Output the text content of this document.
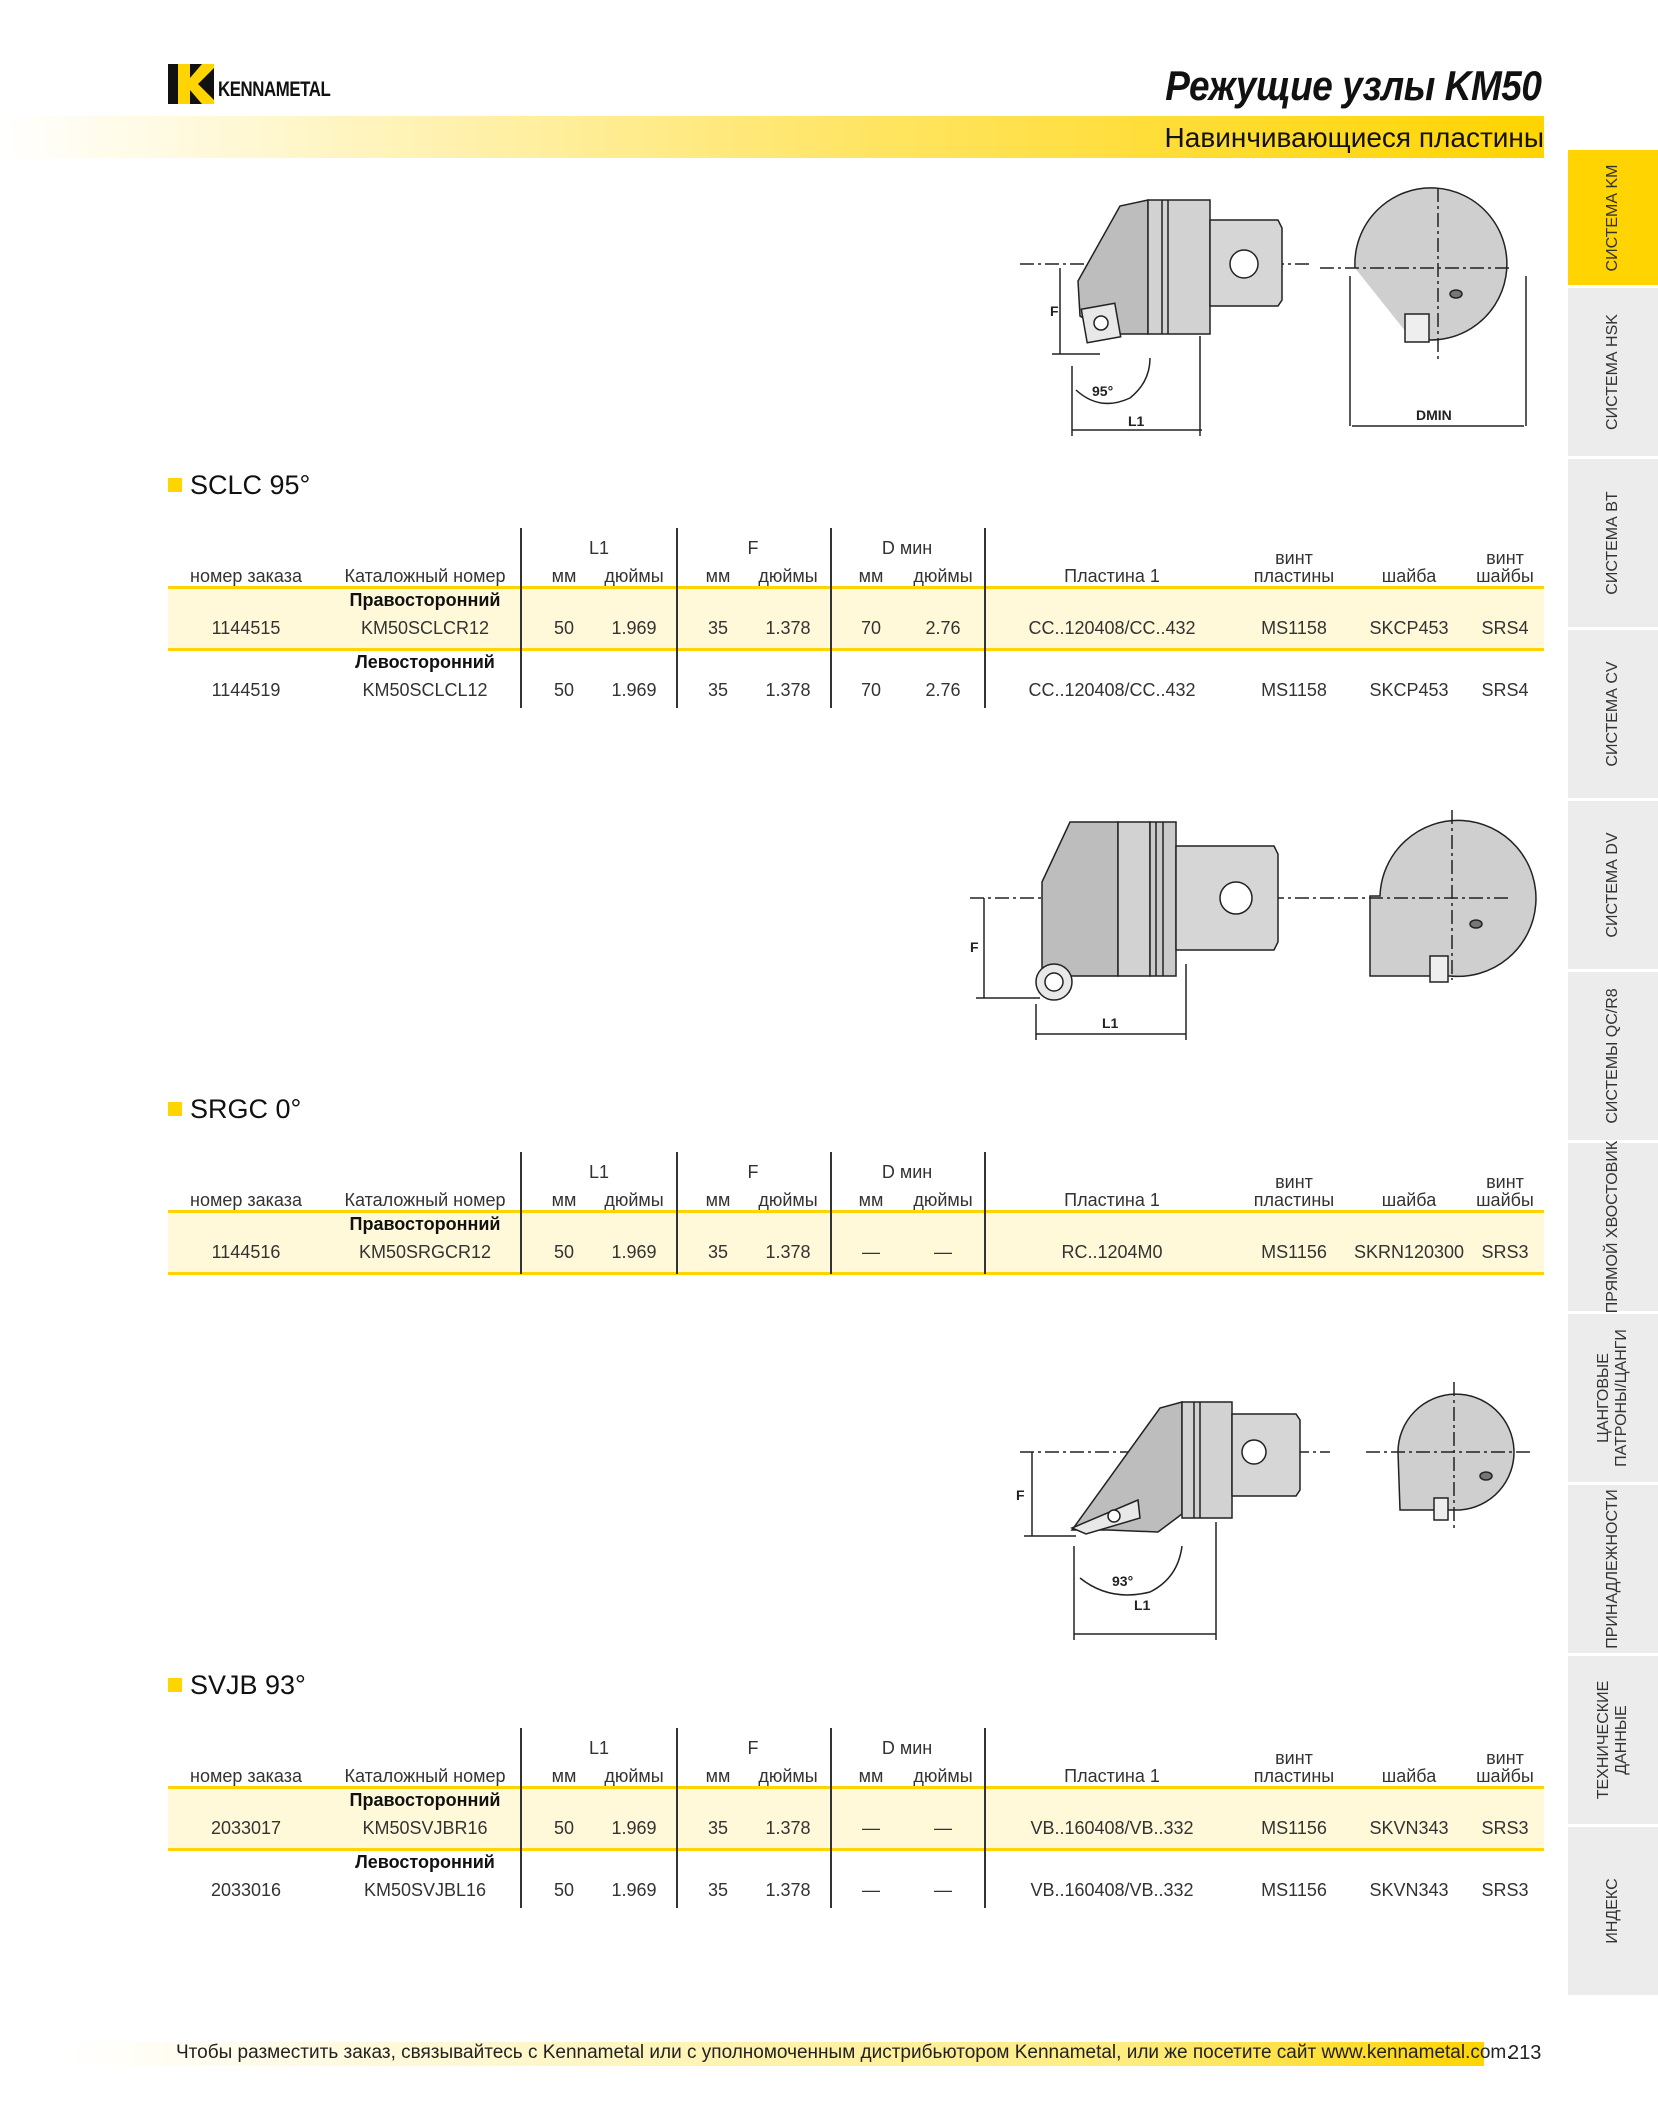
KENNAMETAL	Режущие узлы KM50
Навинчивающиеся пластины
СИСТЕМА KM
СИСТЕМА HSK
СИСТЕМА BT
СИСТЕМА CV
СИСТЕМА DV
СИСТЕМЫ QC/R8
ПРЯМОЙ ХВОСТОВИК
ЦАНГОВЫЕ
ПАТРОНЫ/ЦАНГИ
ПРИНАДЛЕЖНОСТИ
ТЕХНИЧЕСКИЕ
ДАННЫЕ
ИНДЕКС
F
95°
L1	DMIN
SCLC 95°
L1	F	D мин	винт	винт
номер заказа Каталожный номер	мм дюймы мм дюймы мм дюймы	Пластина 1	пластины	шайба шайбы
Правосторонний
1144515	KM50SCLCR12	50 1.969	35 1.378	70 2.76	CC..120408/CC..432	MS1158 SKCP453 SRS4
Левосторонний
1144519	KM50SCLCL12	50 1.969	35 1.378	70 2.76	CC..120408/CC..432	MS1158 SKCP453 SRS4
F
L1
SRGC 0°
L1	F	D мин	винт	винт
номер заказа Каталожный номер	мм дюймы мм дюймы мм дюймы	Пластина 1	пластины	шайба шайбы
Правосторонний
1144516	KM50SRGCR12	50 1.969	35 1.378	—	—	RC..1204M0	MS1156 SKRN120300 SRS3
F
93°
L1
SVJB 93°
L1	F	D мин	винт	винт
номер заказа Каталожный номер	мм дюймы мм дюймы мм дюймы	Пластина 1	пластины	шайба шайбы
Правосторонний
2033017	KM50SVJBR16	50 1.969	35 1.378	—	—	VB..160408/VB..332	MS1156 SKVN343 SRS3
Левосторонний
2033016	KM50SVJBL16	50 1.969	35 1.378	—	—	VB..160408/VB..332	MS1156 SKVN343 SRS3
Чтобы разместить заказ, связывайтесь с Kennametal или с уполномоченным дистрибьютором Kennametal, или же посетите сайт www.kennametal.com.
213
